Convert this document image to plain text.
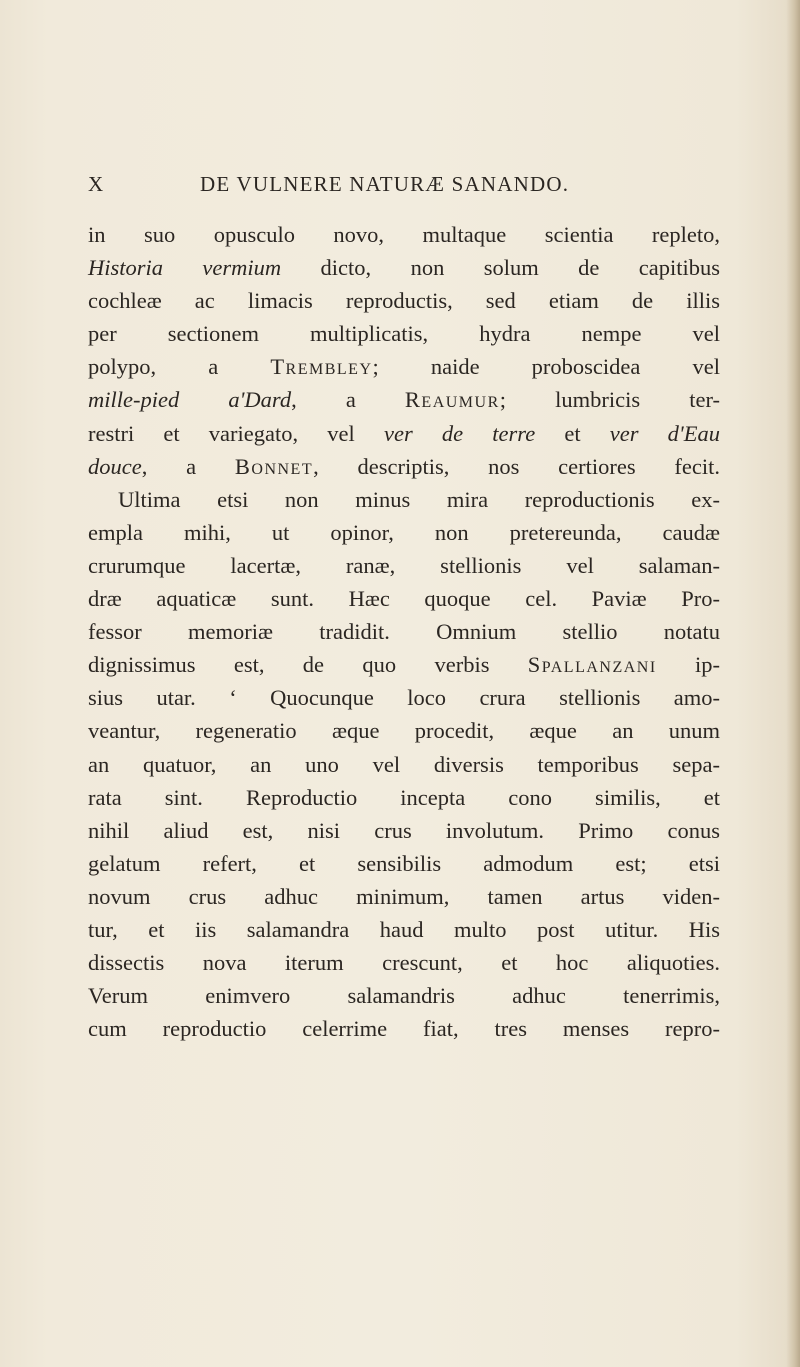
X	DE VULNERE NATURÆ SANANDO.
in suo opusculo novo, multaque scientia repleto,
Historia vermium dicto, non solum de capitibus
cochleæ ac limacis reproductis, sed etiam de illis
per sectionem multiplicatis, hydra nempe vel
polypo, a Trembley; naide proboscidea vel
mille-pied a'Dard, a Reaumur; lumbricis ter-
restri et variegato, vel ver de terre et ver d'Eau
douce, a Bonnet, descriptis, nos certiores fecit.
Ultima etsi non minus mira reproductionis ex-
empla mihi, ut opinor, non pretereunda, caudæ
crurumque lacertæ, ranæ, stellionis vel salaman-
dræ aquaticæ sunt. Hæc quoque cel. Paviæ Pro-
fessor memoriæ tradidit. Omnium stellio notatu
dignissimus est, de quo verbis Spallanzani ip-
sius utar. ‘ Quocunque loco crura stellionis amo-
veantur, regeneratio æque procedit, æque an unum
an quatuor, an uno vel diversis temporibus sepa-
rata sint. Reproductio incepta cono similis, et
nihil aliud est, nisi crus involutum. Primo conus
gelatum refert, et sensibilis admodum est; etsi
novum crus adhuc minimum, tamen artus viden-
tur, et iis salamandra haud multo post utitur. His
dissectis nova iterum crescunt, et hoc aliquoties.
Verum enimvero salamandris adhuc tenerrimis,
cum reproductio celerrime fiat, tres menses repro-
